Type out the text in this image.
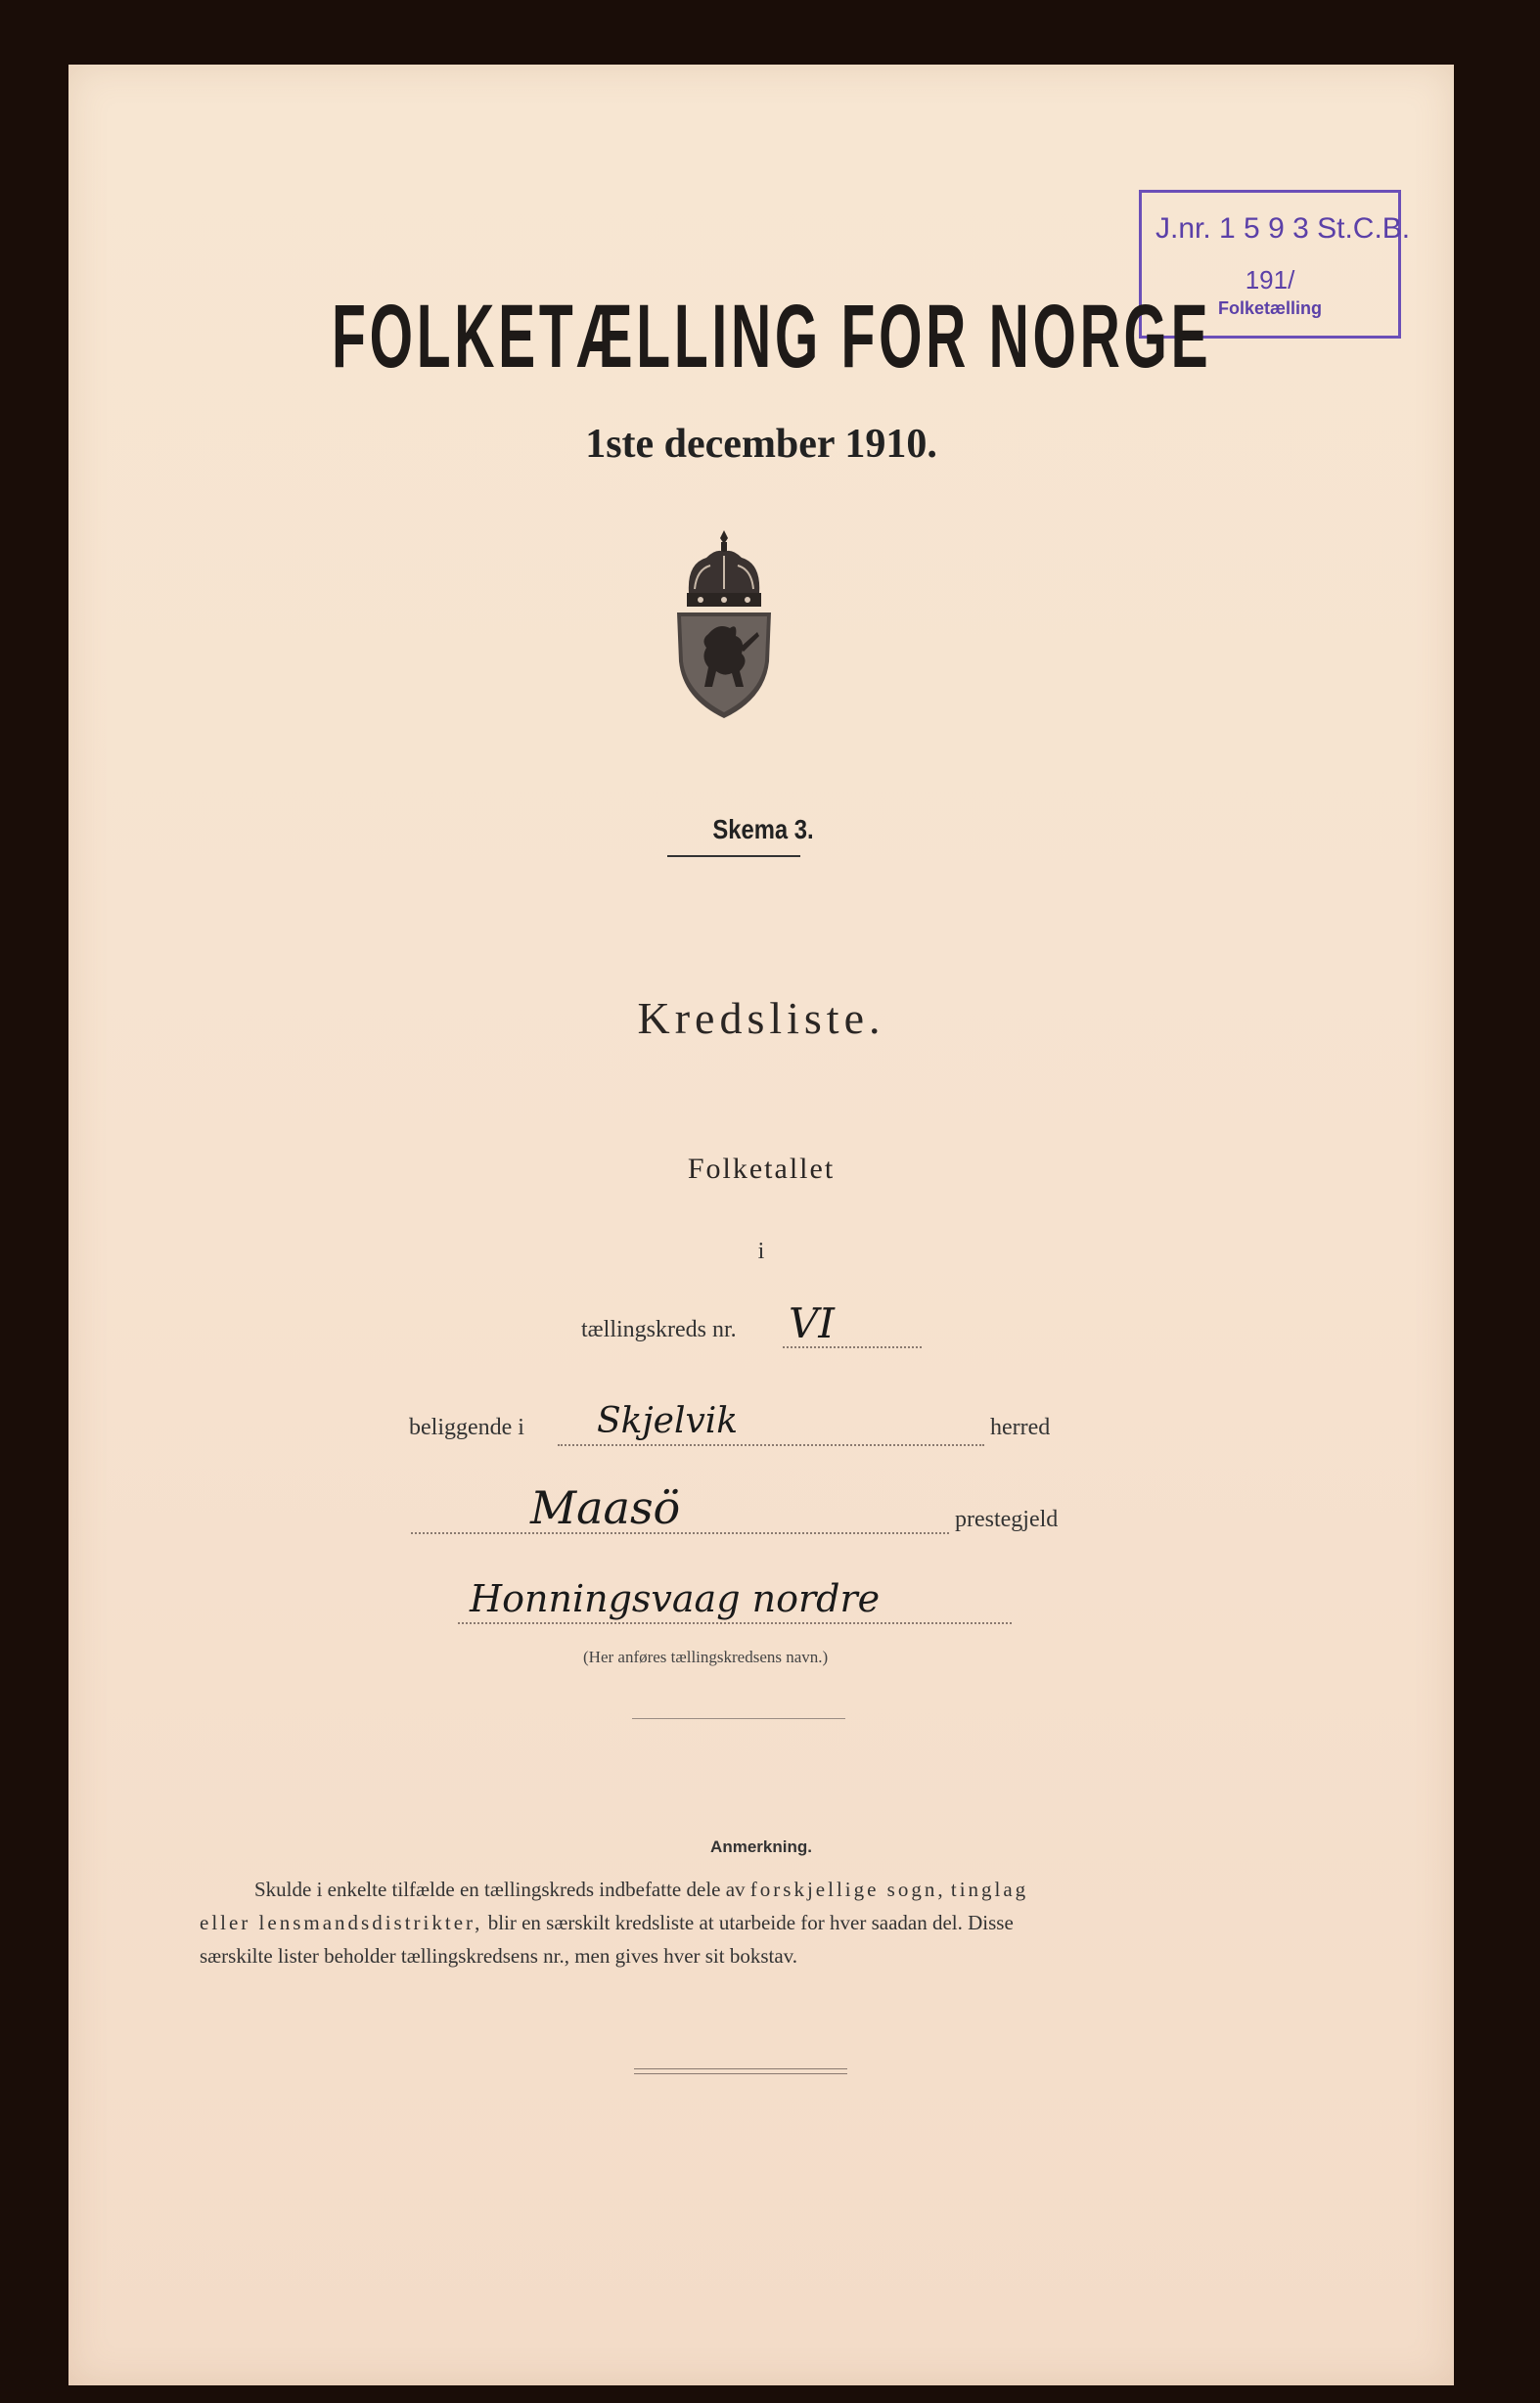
J.nr. 1 5 9 3 St.C.B.
191/
Folketælling
FOLKETÆLLING FOR NORGE
1ste december 1910.
Skema 3.
Kredsliste.
Folketallet
i
tællingskreds nr. VI
beliggende i Skjelvik	herred
Maasö	prestegjeld
Honningsvaag nordre
(Her anføres tællingskredsens navn.)
Anmerkning.
Skulde i enkelte tilfælde en tællingskreds indbefatte dele av forskjellige sogn, tinglag
eller lensmandsdistrikter, blir en særskilt kredsliste at utarbeide for hver saadan del. Disse
særskilte lister beholder tællingskredsens nr., men gives hver sit bokstav.
